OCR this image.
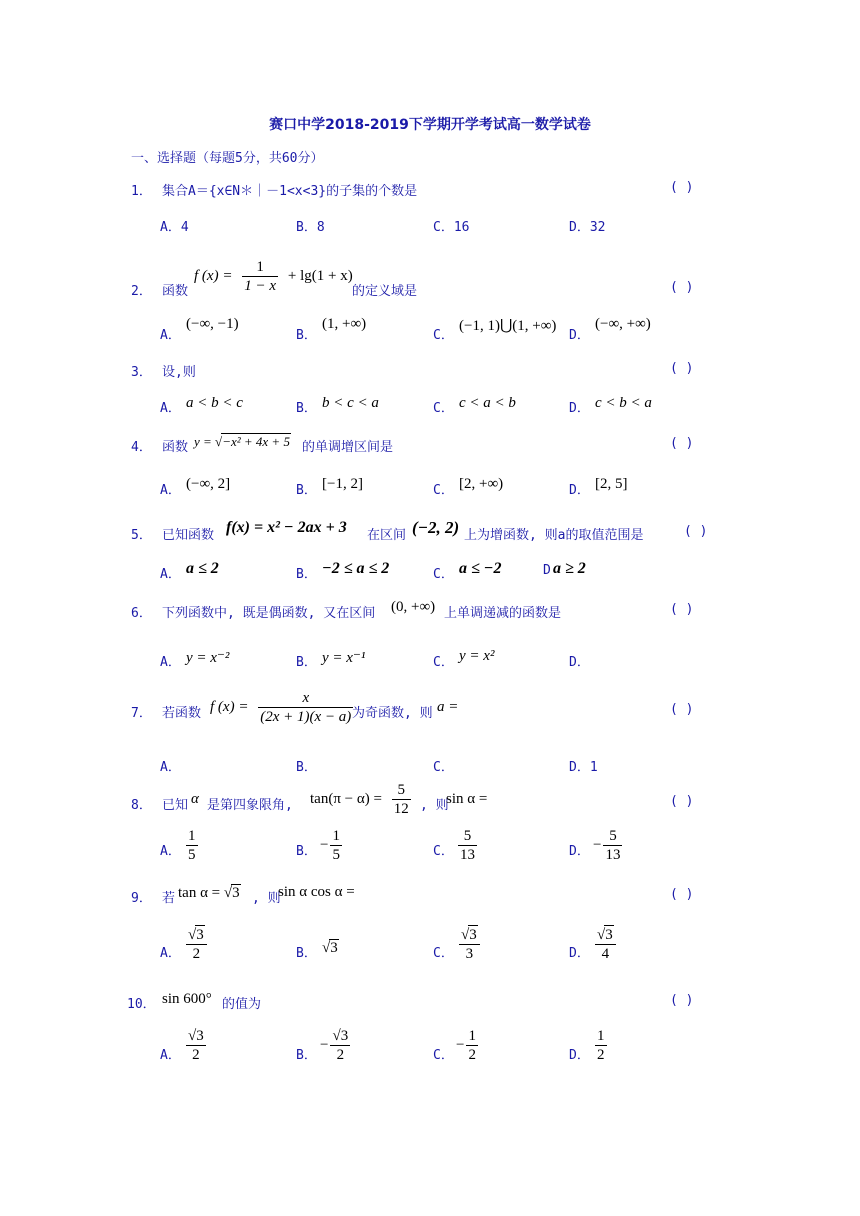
赛口中学2018-2019下学期开学考试高一数学试卷
一、选择题（每题5分，共60分）
1． 集合A＝{x∈N＊｜－1<x<3}的子集的个数是	( )
A．4	B．8	C．16	D．32
2． 函数
f $(x) = \frac{1}{1 - x} + \lg(1 + x)$
的定义域是	( )
A．
(−∞, −1)
B．
(1, +∞)
C．
(−1, 1)⋃(1, +∞)
D．
(−∞, +∞)
3． 设,则	( )
A． a < b < c	B． b < c < a	C． c < a < b	D． c < b < a
4． 函数 y = √−x² + 4x + 5 的单调增区间是	( )
A． (−∞, 2]	B． [−1, 2]	C． [2, +∞)	D． [2, 5]
5． 已知函数 f(x) = x² − 2ax + 3 在区间 (−2, 2) 上为增函数, 则a的取值范围是	( )
A． a ≤ 2	B． −2 ≤ a ≤ 2	C． a ≤ −2	D a ≥ 2
6． 下列函数中, 既是偶函数, 又在区间 (0, +∞) 上单调递减的函数是	( )
A． y = x⁻²	B． y = x⁻¹	C． y = x²	D．
7． 若函数 f $(x) = \frac{x}{(2x + 1)(x - a)}$
为奇函数, 则 a =	( )
A．	B．	C．	D．1
8． 已知 α 是第四象限角, $\tan(\pi - \alpha) = \frac{5}{12}$ , 则
sin α =	( )
A． $\frac{1}{5}$	B． − $\frac{1}{5}$	C． $\frac{5}{13}$	D． − $\frac{5}{13}$
9． 若 tan α = √3 , 则
sin α cos α =	( )
A． $\frac{√3}{2}$	B． √3	C． $\frac{√3}{3}$	D． $\frac{√3}{4}$
10． sin 600° 的值为	( )
A． $\frac{√3}{2}$	B．
− $\frac{√3}{2}$	C．
− $\frac{1}{2}$	D． $\frac{1}{2}$
